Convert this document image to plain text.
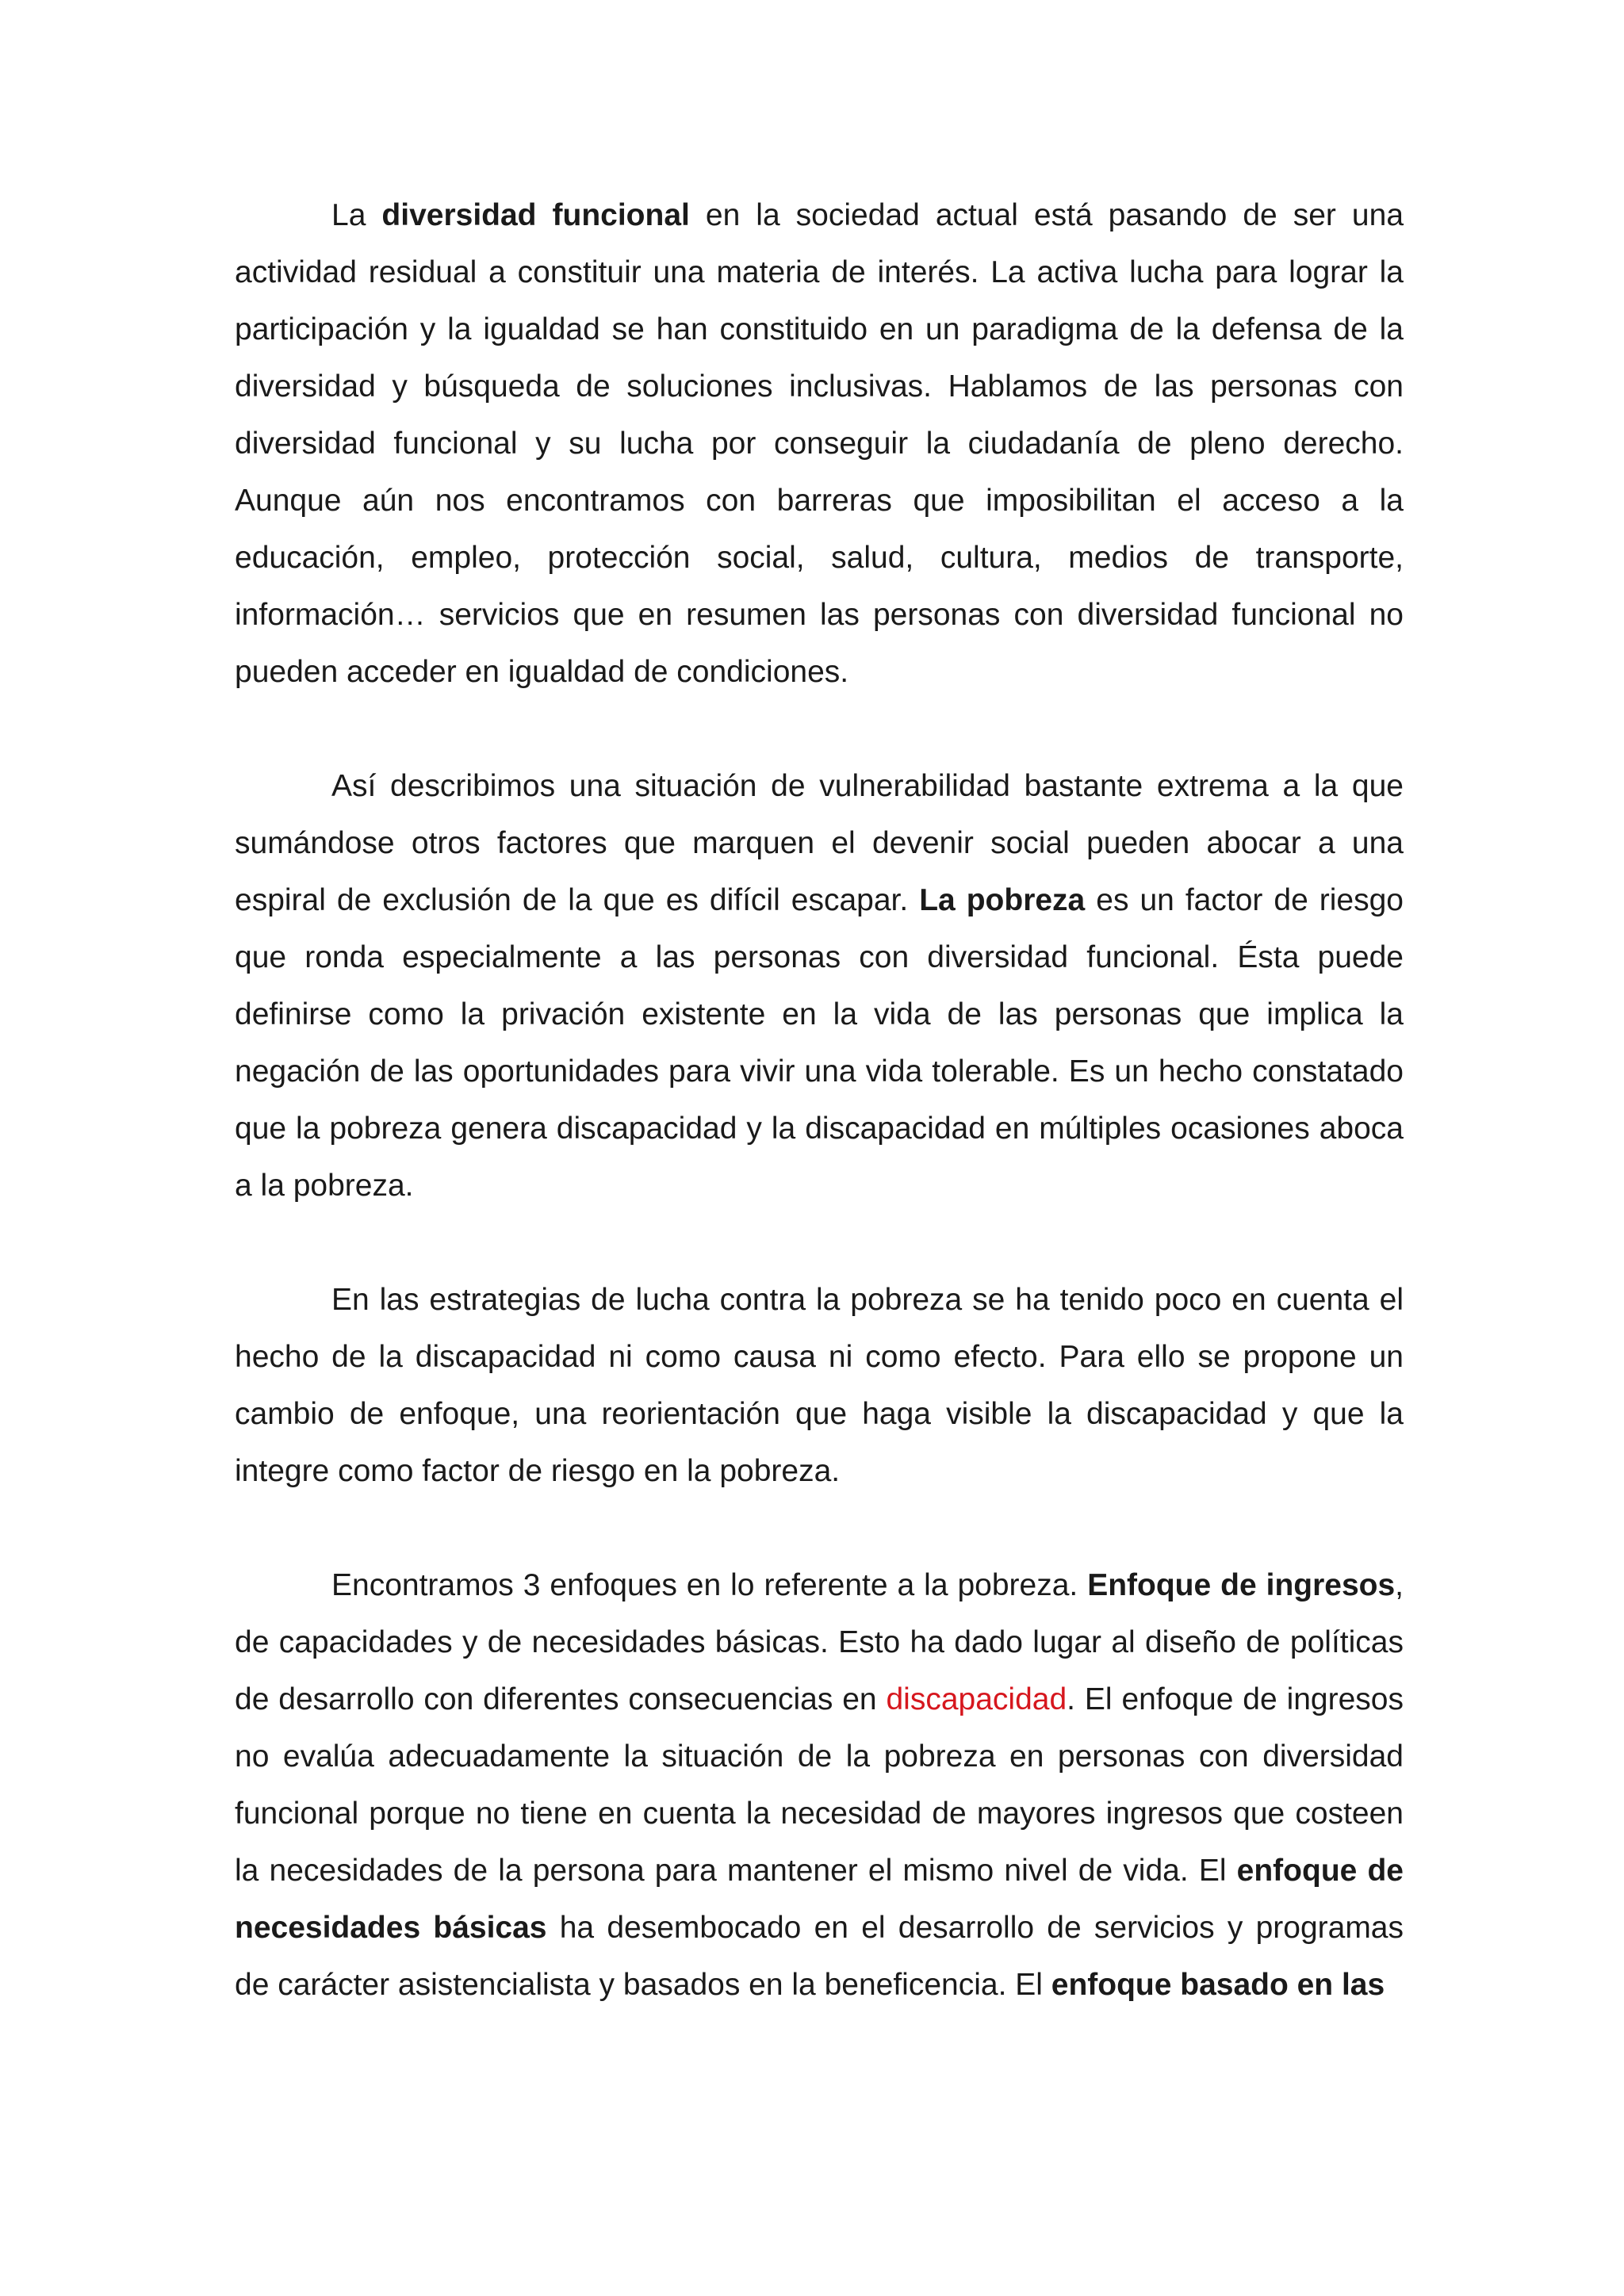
La diversidad funcional en la sociedad actual está pasando de ser una actividad residual a constituir una materia de interés. La activa lucha para lograr la participación y la igualdad se han constituido en un paradigma de la defensa de la diversidad y búsqueda de soluciones inclusivas. Hablamos de las personas con diversidad funcional y su lucha por conseguir la ciudadanía de pleno derecho. Aunque aún nos encontramos con barreras que imposibilitan el acceso a la educación, empleo, protección social, salud, cultura, medios de transporte, información… servicios que en resumen las personas con diversidad funcional no pueden acceder en igualdad de condiciones.

Así describimos una situación de vulnerabilidad bastante extrema a la que sumándose otros factores que marquen el devenir social pueden abocar a una espiral de exclusión de la que es difícil escapar. La pobreza es un factor de riesgo que ronda especialmente a las personas con diversidad funcional. Ésta puede definirse como la privación existente en la vida de las personas que implica la negación de las oportunidades para vivir una vida tolerable. Es un hecho constatado que la pobreza genera discapacidad y la discapacidad en múltiples ocasiones aboca a la pobreza.

En las estrategias de lucha contra la pobreza se ha tenido poco en cuenta el hecho de la discapacidad ni como causa ni como efecto. Para ello se propone un cambio de enfoque, una reorientación que haga visible la discapacidad y que la integre como factor de riesgo en la pobreza.

Encontramos 3 enfoques en lo referente a la pobreza. Enfoque de ingresos, de capacidades y de necesidades básicas. Esto ha dado lugar al diseño de políticas de desarrollo con diferentes consecuencias en discapacidad. El enfoque de ingresos no evalúa adecuadamente la situación de la pobreza en personas con diversidad funcional porque no tiene en cuenta la necesidad de mayores ingresos que costeen la necesidades de la persona para mantener el mismo nivel de vida. El enfoque de necesidades básicas ha desembocado en el desarrollo de servicios y programas de carácter asistencialista y basados en la beneficencia. El enfoque basado en las
